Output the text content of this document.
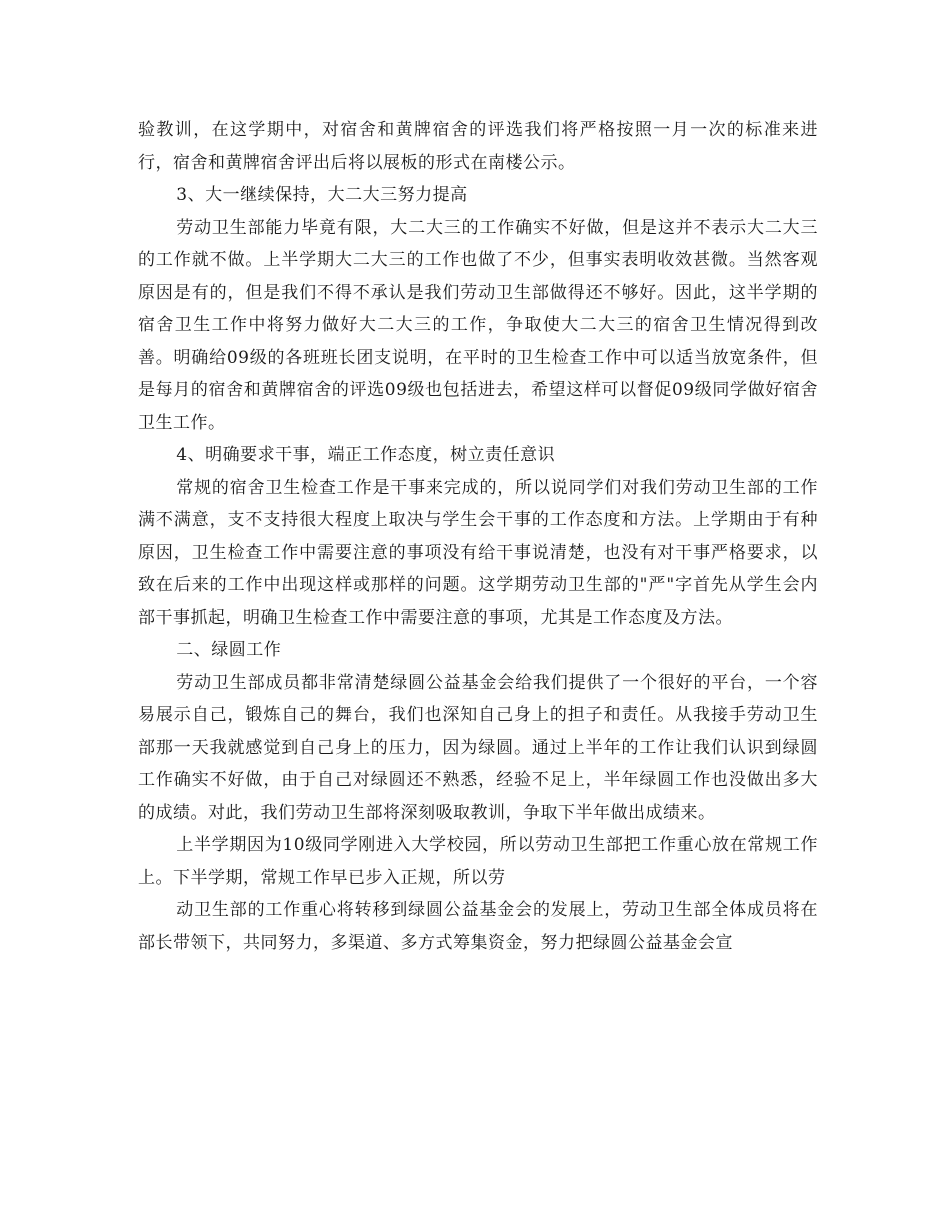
验教训，在这学期中，对宿舍和黄牌宿舍的评选我们将严格按照一月一次的标准来进行，宿舍和黄牌宿舍评出后将以展板的形式在南楼公示。

3、大一继续保持，大二大三努力提高

劳动卫生部能力毕竟有限，大二大三的工作确实不好做，但是这并不表示大二大三的工作就不做。上半学期大二大三的工作也做了不少，但事实表明收效甚微。当然客观原因是有的，但是我们不得不承认是我们劳动卫生部做得还不够好。因此，这半学期的宿舍卫生工作中将努力做好大二大三的工作，争取使大二大三的宿舍卫生情况得到改善。明确给09级的各班班长团支说明，在平时的卫生检查工作中可以适当放宽条件，但是每月的宿舍和黄牌宿舍的评选09级也包括进去，希望这样可以督促09级同学做好宿舍卫生工作。

4、明确要求干事，端正工作态度，树立责任意识

常规的宿舍卫生检查工作是干事来完成的，所以说同学们对我们劳动卫生部的工作满不满意，支不支持很大程度上取决与学生会干事的工作态度和方法。上学期由于有种原因，卫生检查工作中需要注意的事项没有给干事说清楚，也没有对干事严格要求，以致在后来的工作中出现这样或那样的问题。这学期劳动卫生部的"严"字首先从学生会内部干事抓起，明确卫生检查工作中需要注意的事项，尤其是工作态度及方法。

二、绿圆工作

劳动卫生部成员都非常清楚绿圆公益基金会给我们提供了一个很好的平台，一个容易展示自己，锻炼自己的舞台，我们也深知自己身上的担子和责任。从我接手劳动卫生部那一天我就感觉到自己身上的压力，因为绿圆。通过上半年的工作让我们认识到绿圆工作确实不好做，由于自己对绿圆还不熟悉，经验不足上，半年绿圆工作也没做出多大的成绩。对此，我们劳动卫生部将深刻吸取教训，争取下半年做出成绩来。

上半学期因为10级同学刚进入大学校园，所以劳动卫生部把工作重心放在常规工作上。下半学期，常规工作早已步入正规，所以劳

动卫生部的工作重心将转移到绿圆公益基金会的发展上，劳动卫生部全体成员将在部长带领下，共同努力，多渠道、多方式筹集资金，努力把绿圆公益基金会宣
